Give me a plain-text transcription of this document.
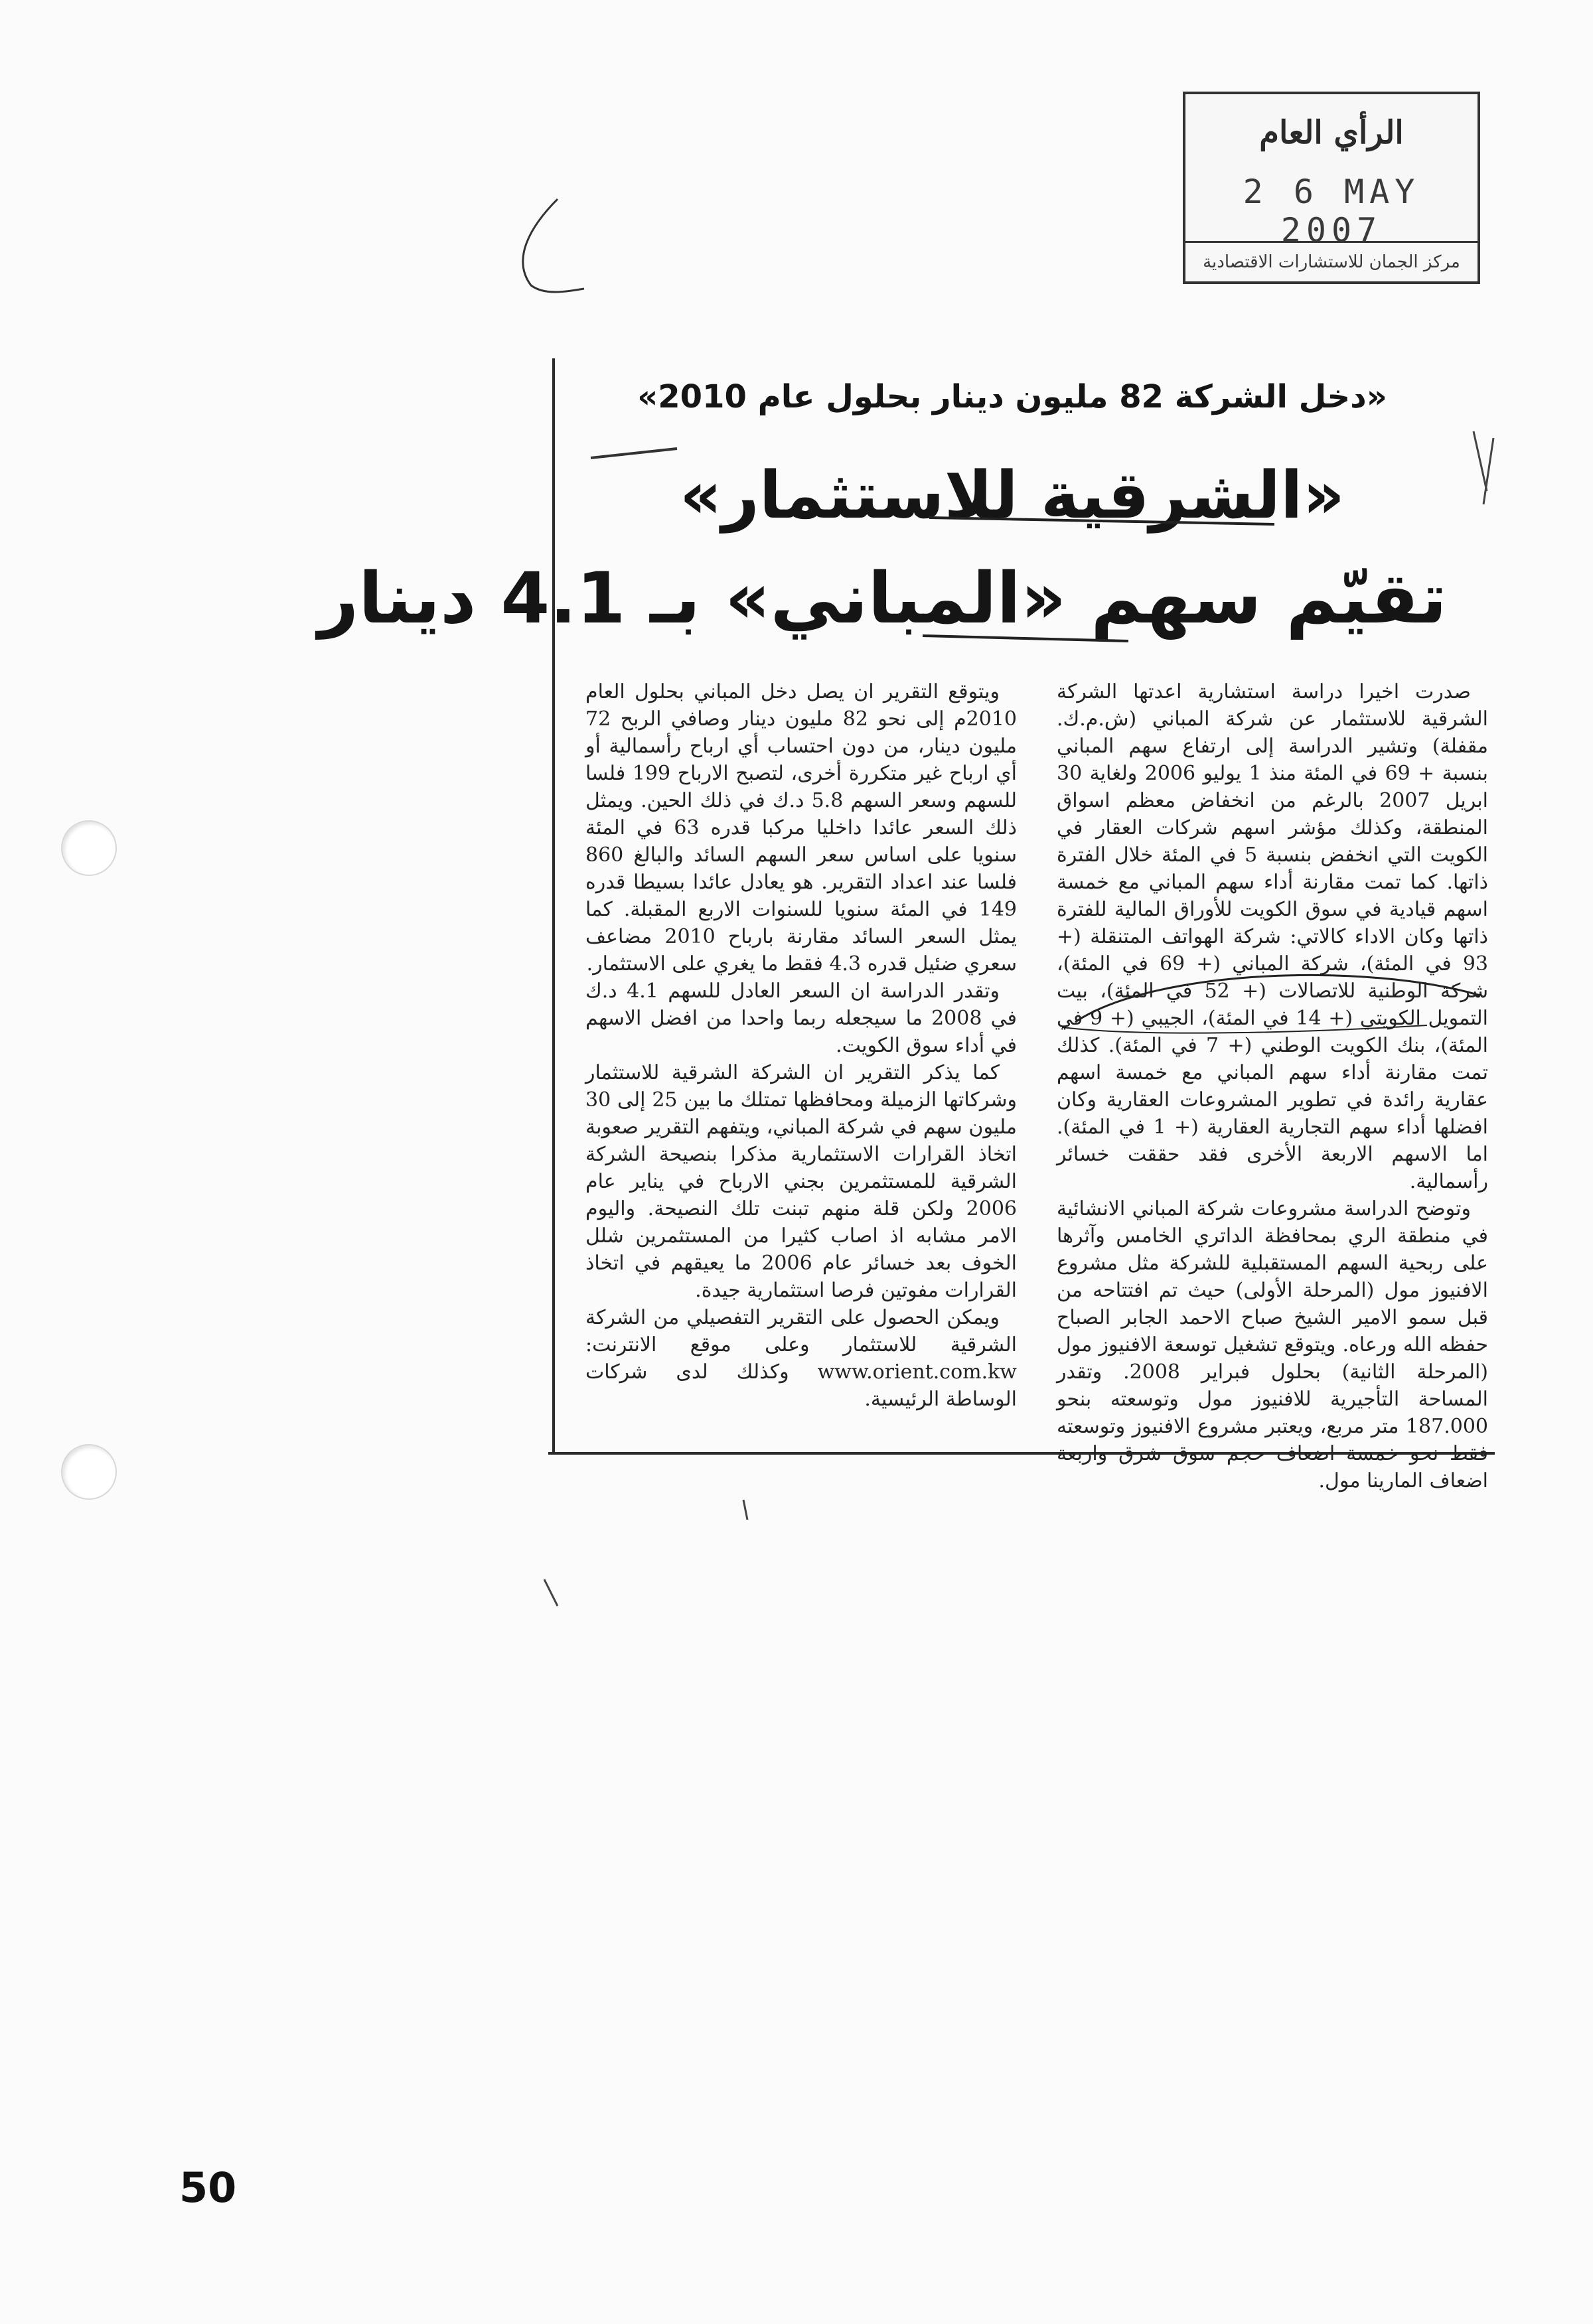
الرأي العام
2 6 MAY 2007
مركز الجمان للاستشارات الاقتصادية
«دخل الشركة 82 مليون دينار بحلول عام 2010»
«الشرقية للاستثمار»
تقيّم سهم «المباني» بـ 4.1 دينار

صدرت اخيرا دراسة استشارية اعدتها الشركة الشرقية للاستثمار عن شركة المباني (ش.م.ك. مقفلة) وتشير الدراسة إلى ارتفاع سهم المباني بنسبة + 69 في المئة منذ 1 يوليو 2006 ولغاية 30 ابريل 2007 بالرغم من انخفاض معظم اسواق المنطقة، وكذلك مؤشر اسهم شركات العقار في الكويت التي انخفض بنسبة 5 في المئة خلال الفترة ذاتها. كما تمت مقارنة أداء سهم المباني مع خمسة اسهم قيادية في سوق الكويت للأوراق المالية للفترة ذاتها وكان الاداء كالاتي: شركة الهواتف المتنقلة (+ 93 في المئة)، شركة المباني (+ 69 في المئة)، شركة الوطنية للاتصالات (+ 52 في المئة)، بيت التمويل الكويتي (+ 14 في المئة)، الجيبي (+ 9 في المئة)، بنك الكويت الوطني (+ 7 في المئة). كذلك تمت مقارنة أداء سهم المباني مع خمسة اسهم عقارية رائدة في تطوير المشروعات العقارية وكان افضلها أداء سهم التجارية العقارية (+ 1 في المئة). اما الاسهم الاربعة الأخرى فقد حققت خسائر رأسمالية.

وتوضح الدراسة مشروعات شركة المباني الانشائية في منطقة الري بمحافظة الداتري الخامس وآثرها على ربحية السهم المستقبلية للشركة مثل مشروع الافنيوز مول (المرحلة الأولى) حيث تم افتتاحه من قبل سمو الامير الشيخ صباح الاحمد الجابر الصباح حفظه الله ورعاه. ويتوقع تشغيل توسعة الافنيوز مول (المرحلة الثانية) بحلول فبراير 2008. وتقدر المساحة التأجيرية للافنيوز مول وتوسعته بنحو 187.000 متر مربع، ويعتبر مشروع الافنيوز وتوسعته فقط نحو خمسة اضعاف حجم سوق شرق واربعة اضعاف المارينا مول.

ويتوقع التقرير ان يصل دخل المباني بحلول العام 2010م إلى نحو 82 مليون دينار وصافي الربح 72 مليون دينار، من دون احتساب أي ارباح رأسمالية أو أي ارباح غير متكررة أخرى، لتصبح الارباح 199 فلسا للسهم وسعر السهم 5.8 د.ك في ذلك الحين. ويمثل ذلك السعر عائدا داخليا مركبا قدره 63 في المئة سنويا على اساس سعر السهم السائد والبالغ 860 فلسا عند اعداد التقرير. هو يعادل عائدا بسيطا قدره 149 في المئة سنويا للسنوات الاربع المقبلة. كما يمثل السعر السائد مقارنة بارباح 2010 مضاعف سعري ضئيل قدره 4.3 فقط ما يغري على الاستثمار.

وتقدر الدراسة ان السعر العادل للسهم 4.1 د.ك في 2008 ما سيجعله ربما واحدا من افضل الاسهم في أداء سوق الكويت.

كما يذكر التقرير ان الشركة الشرقية للاستثمار وشركاتها الزميلة ومحافظها تمتلك ما بين 25 إلى 30 مليون سهم في شركة المباني، ويتفهم التقرير صعوبة اتخاذ القرارات الاستثمارية مذكرا بنصيحة الشركة الشرقية للمستثمرين بجني الارباح في يناير عام 2006 ولكن قلة منهم تبنت تلك النصيحة. واليوم الامر مشابه اذ اصاب كثيرا من المستثمرين شلل الخوف بعد خسائر عام 2006 ما يعيقهم في اتخاذ القرارات مفوتين فرصا استثمارية جيدة.

ويمكن الحصول على التقرير التفصيلي من الشركة الشرقية للاستثمار وعلى موقع الانترنت: www.orient.com.kw وكذلك لدى شركات الوساطة الرئيسية.

50
